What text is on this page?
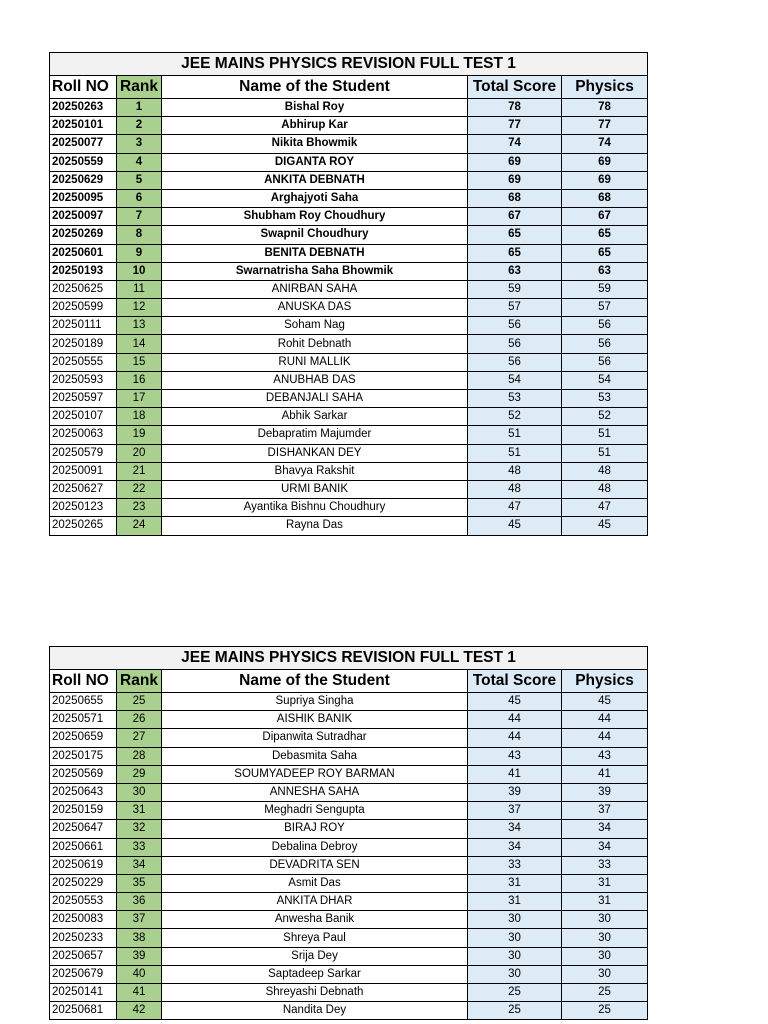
JEE MAINS PHYSICS REVISION FULL TEST 1				
Roll NO	Rank	Name of the Student	Total Score	Physics
20250263	1	Bishal Roy	78	78
20250101	2	Abhirup Kar	77	77
20250077	3	Nikita Bhowmik	74	74
20250559	4	DIGANTA ROY	69	69
20250629	5	ANKITA DEBNATH	69	69
20250095	6	Arghajyoti Saha	68	68
20250097	7	Shubham Roy Choudhury	67	67
20250269	8	Swapnil Choudhury	65	65
20250601	9	BENITA DEBNATH	65	65
20250193	10	Swarnatrisha Saha Bhowmik	63	63
20250625	11	ANIRBAN SAHA	59	59
20250599	12	ANUSKA DAS	57	57
20250111	13	Soham Nag	56	56
20250189	14	Rohit Debnath	56	56
20250555	15	RUNI MALLIK	56	56
20250593	16	ANUBHAB DAS	54	54
20250597	17	DEBANJALI SAHA	53	53
20250107	18	Abhik Sarkar	52	52
20250063	19	Debapratim Majumder	51	51
20250579	20	DISHANKAN DEY	51	51
20250091	21	Bhavya Rakshit	48	48
20250627	22	URMI BANIK	48	48
20250123	23	Ayantika Bishnu Choudhury	47	47
20250265	24	Rayna Das	45	45
JEE MAINS PHYSICS REVISION FULL TEST 1				
Roll NO	Rank	Name of the Student	Total Score	Physics
20250655	25	Supriya Singha	45	45
20250571	26	AISHIK BANIK	44	44
20250659	27	Dipanwita Sutradhar	44	44
20250175	28	Debasmita Saha	43	43
20250569	29	SOUMYADEEP ROY BARMAN	41	41
20250643	30	ANNESHA SAHA	39	39
20250159	31	Meghadri Sengupta	37	37
20250647	32	BIRAJ ROY	34	34
20250661	33	Debalina Debroy	34	34
20250619	34	DEVADRITA SEN	33	33
20250229	35	Asmit Das	31	31
20250553	36	ANKITA DHAR	31	31
20250083	37	Anwesha Banik	30	30
20250233	38	Shreya Paul	30	30
20250657	39	Srija Dey	30	30
20250679	40	Saptadeep Sarkar	30	30
20250141	41	Shreyashi Debnath	25	25
20250681	42	Nandita Dey	25	25
